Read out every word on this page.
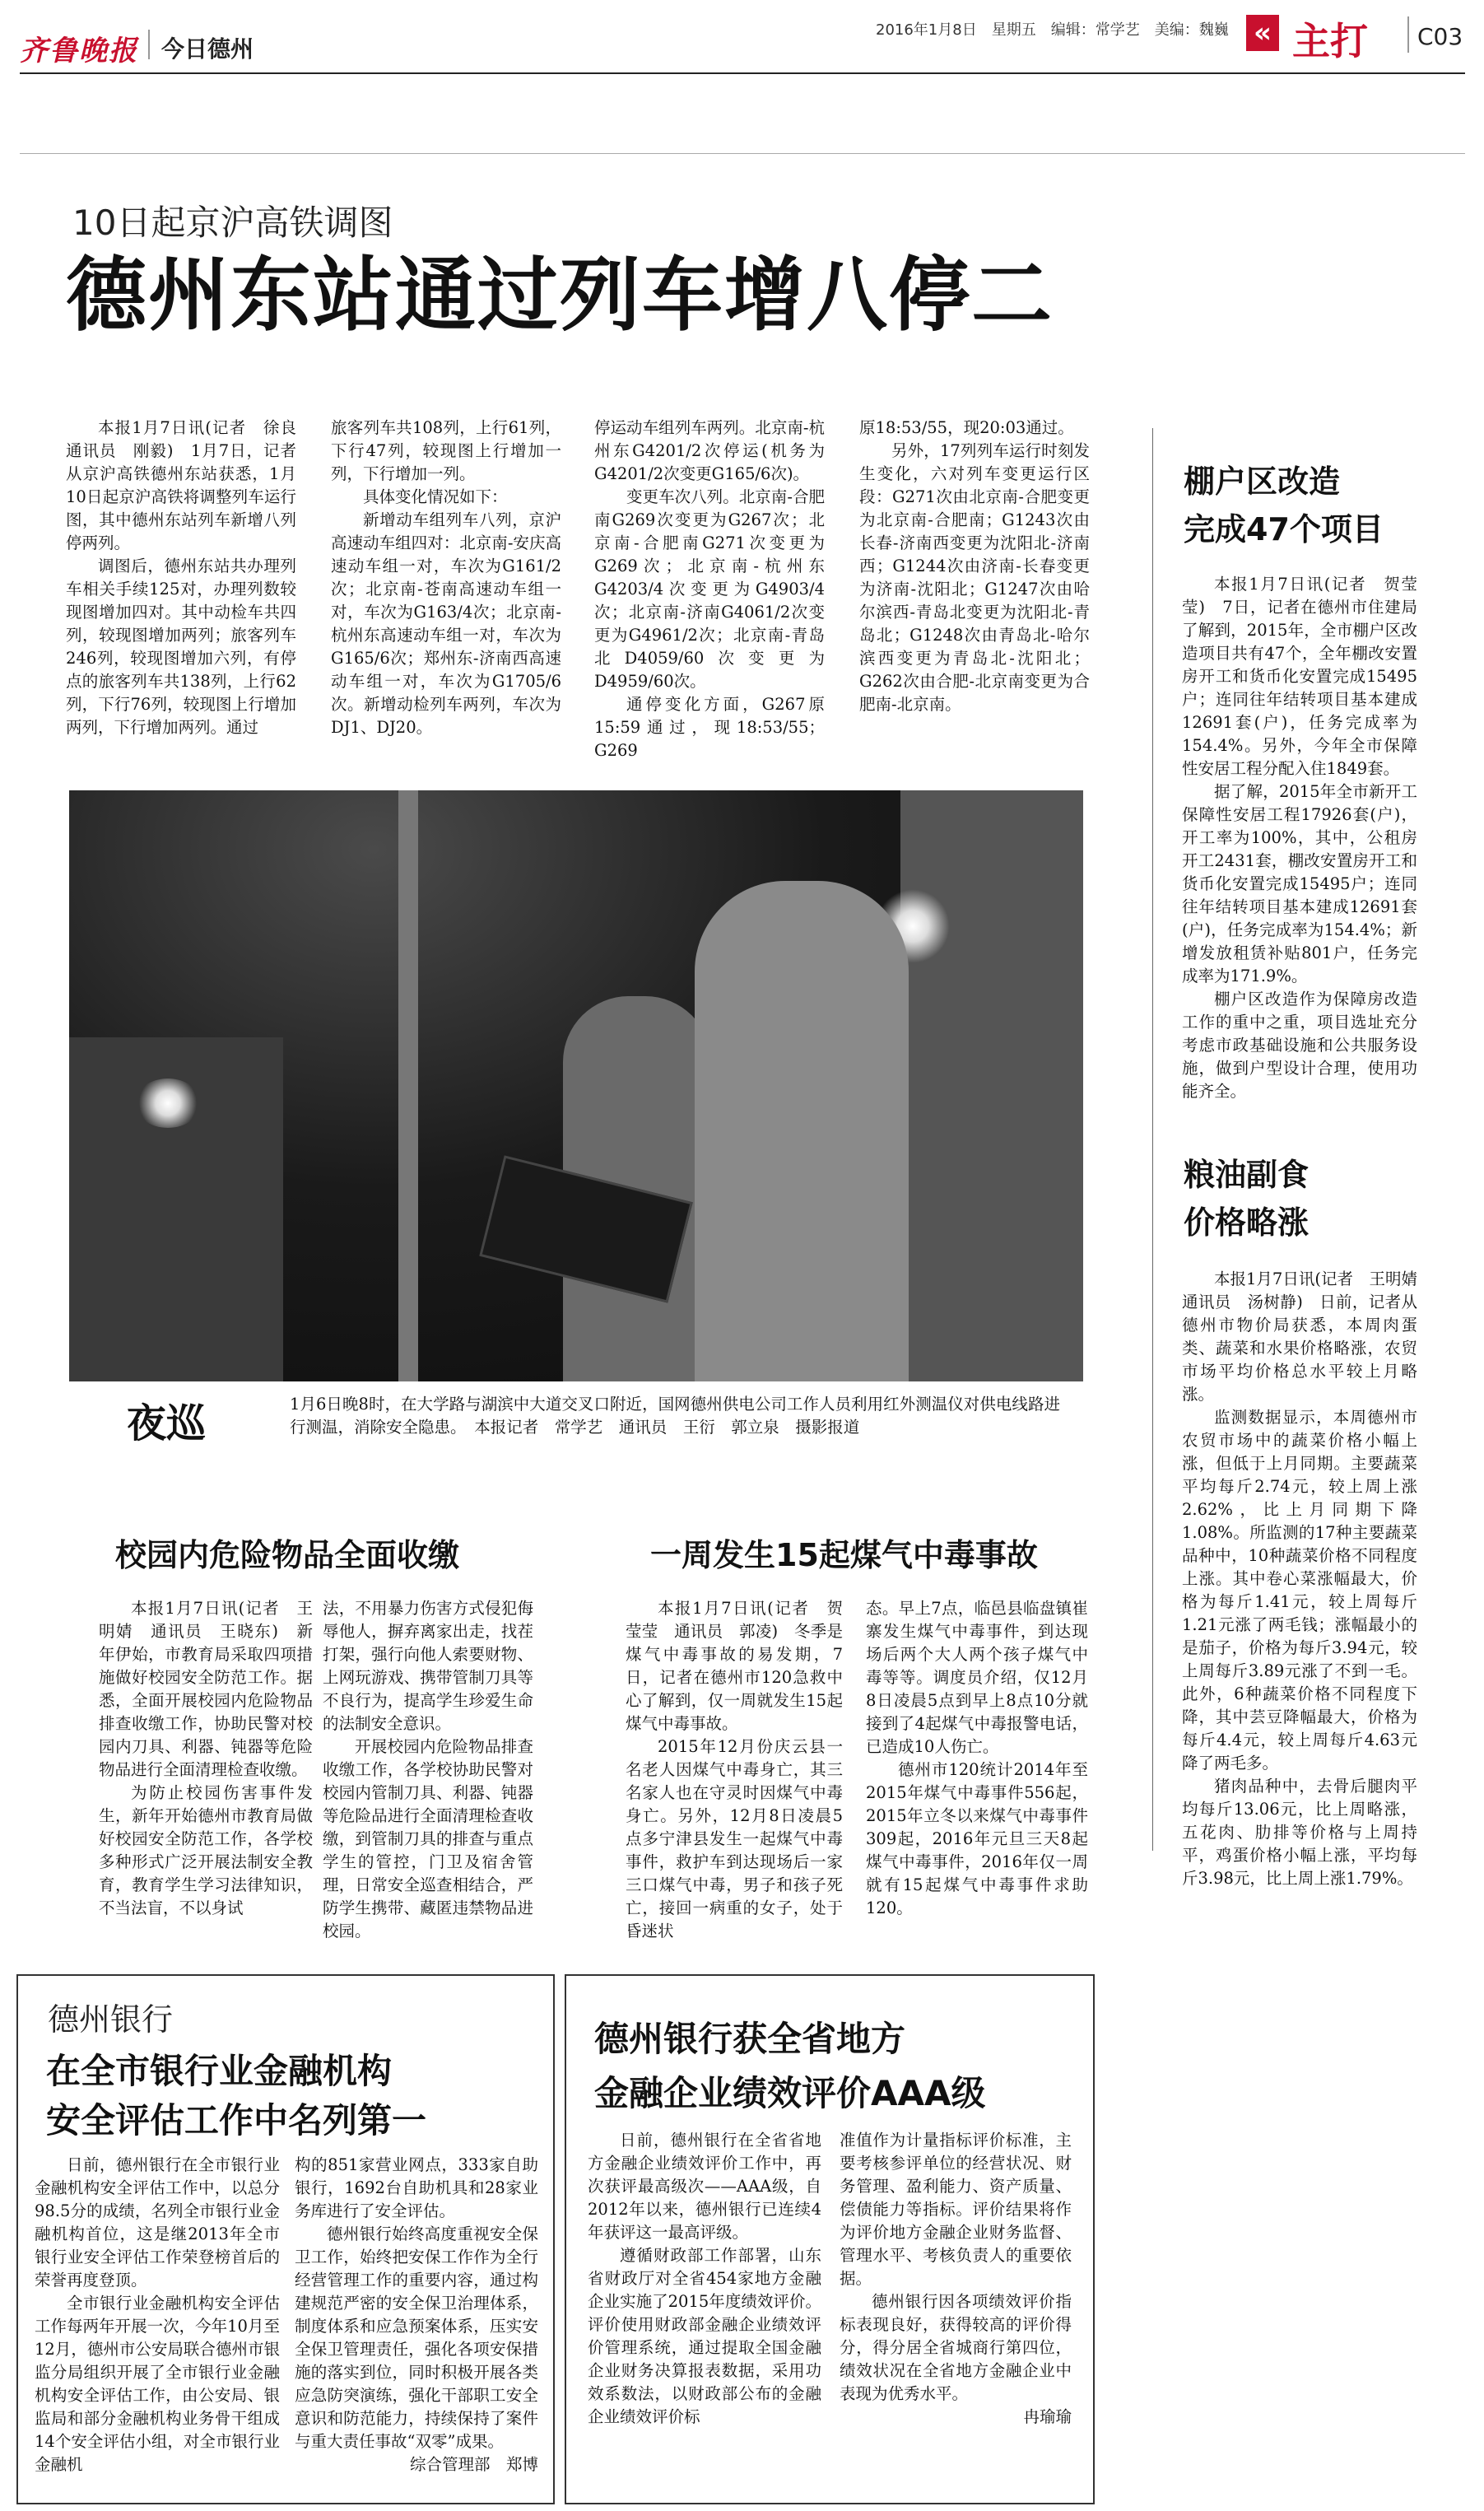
齐鲁晚报 今日德州
2016年1月8日　星期五　编辑：常学艺　美编：魏巍 « 主打 C03
10日起京沪高铁调图
德州东站通过列车增八停二

本报1月7日讯(记者　徐良　通讯员　刚毅)　1月7日，记者从京沪高铁德州东站获悉，1月10日起京沪高铁将调整列车运行图，其中德州东站列车新增八列停两列。

调图后，德州东站共办理列车相关手续125对，办理列数较现图增加四对。其中动检车共四列，较现图增加两列；旅客列车246列，较现图增加六列，有停点的旅客列车共138列，上行62列，下行76列，较现图上行增加两列，下行增加两列。通过

旅客列车共108列，上行61列，下行47列，较现图上行增加一列，下行增加一列。

具体变化情况如下：

新增动车组列车八列，京沪高速动车组四对：北京南-安庆高速动车组一对，车次为G161/2次；北京南-苍南高速动车组一对，车次为G163/4次；北京南-杭州东高速动车组一对，车次为G165/6次；郑州东-济南西高速动车组一对，车次为G1705/6次。新增动检列车两列，车次为DJ1、DJ20。

停运动车组列车两列。北京南-杭州东G4201/2次停运(机务为G4201/2次变更G165/6次)。

变更车次八列。北京南-合肥南G269次变更为G267次；北京南-合肥南G271次变更为G269次；北京南-杭州东G4203/4次变更为G4903/4次；北京南-济南G4061/2次变更为G4961/2次；北京南-青岛北D4059/60次变更为D4959/60次。

通停变化方面，G267原15:59通过，现18:53/55；G269

原18:53/55，现20:03通过。

另外，17列列车运行时刻发生变化，六对列车变更运行区段：G271次由北京南-合肥变更为北京南-合肥南；G1243次由长春-济南西变更为沈阳北-济南西；G1244次由济南-长春变更为济南-沈阳北；G1247次由哈尔滨西-青岛北变更为沈阳北-青岛北；G1248次由青岛北-哈尔滨西变更为青岛北-沈阳北；G262次由合肥-北京南变更为合肥南-北京南。

夜巡	1月6日晚8时，在大学路与湖滨中大道交叉口附近，国网德州供电公司工作人员利用红外测温仪对供电线路进行测温，消除安全隐患。　本报记者　常学艺　通讯员　王衍　郭立泉　摄影报道
棚户区改造
完成47个项目

本报1月7日讯(记者　贺莹莹)　7日，记者在德州市住建局了解到，2015年，全市棚户区改造项目共有47个，全年棚改安置房开工和货币化安置完成15495户；连同往年结转项目基本建成12691套(户)，任务完成率为154.4%。另外，今年全市保障性安居工程分配入住1849套。

据了解，2015年全市新开工保障性安居工程17926套(户)，开工率为100%，其中，公租房开工2431套，棚改安置房开工和货币化安置完成15495户；连同往年结转项目基本建成12691套(户)，任务完成率为154.4%；新增发放租赁补贴801户，任务完成率为171.9%。

棚户区改造作为保障房改造工作的重中之重，项目选址充分考虑市政基础设施和公共服务设施，做到户型设计合理，使用功能齐全。

粮油副食
价格略涨

本报1月7日讯(记者　王明婧　通讯员　汤树静)　日前，记者从德州市物价局获悉，本周肉蛋类、蔬菜和水果价格略涨，农贸市场平均价格总水平较上月略涨。

监测数据显示，本周德州市农贸市场中的蔬菜价格小幅上涨，但低于上月同期。主要蔬菜平均每斤2.74元，较上周上涨2.62%，比上月同期下降1.08%。所监测的17种主要蔬菜品种中，10种蔬菜价格不同程度上涨。其中卷心菜涨幅最大，价格为每斤1.41元，较上周每斤1.21元涨了两毛钱；涨幅最小的是茄子，价格为每斤3.94元，较上周每斤3.89元涨了不到一毛。此外，6种蔬菜价格不同程度下降，其中芸豆降幅最大，价格为每斤4.4元，较上周每斤4.63元降了两毛多。

猪肉品种中，去骨后腿肉平均每斤13.06元，比上周略涨，五花肉、肋排等价格与上周持平，鸡蛋价格小幅上涨，平均每斤3.98元，比上周上涨1.79%。

校园内危险物品全面收缴

本报1月7日讯(记者　王明婧　通讯员　王晓东)　新年伊始，市教育局采取四项措施做好校园安全防范工作。据悉，全面开展校园内危险物品排查收缴工作，协助民警对校园内刀具、利器、钝器等危险物品进行全面清理检查收缴。

为防止校园伤害事件发生，新年开始德州市教育局做好校园安全防范工作，各学校多种形式广泛开展法制安全教育，教育学生学习法律知识，不当法盲，不以身试

法，不用暴力伤害方式侵犯侮辱他人，摒弃离家出走，找茬打架，强行向他人索要财物、上网玩游戏、携带管制刀具等不良行为，提高学生珍爱生命的法制安全意识。

开展校园内危险物品排查收缴工作，各学校协助民警对校园内管制刀具、利器、钝器等危险品进行全面清理检查收缴，到管制刀具的排查与重点学生的管控，门卫及宿舍管理，日常安全巡查相结合，严防学生携带、藏匿违禁物品进校园。

一周发生15起煤气中毒事故

本报1月7日讯(记者　贺莹莹　通讯员　郭凌)　冬季是煤气中毒事故的易发期，7日，记者在德州市120急救中心了解到，仅一周就发生15起煤气中毒事故。

2015年12月份庆云县一名老人因煤气中毒身亡，其三名家人也在守灵时因煤气中毒身亡。另外，12月8日凌晨5点多宁津县发生一起煤气中毒事件，救护车到达现场后一家三口煤气中毒，男子和孩子死亡，接回一病重的女子，处于昏迷状

态。早上7点，临邑县临盘镇崔寨发生煤气中毒事件，到达现场后两个大人两个孩子煤气中毒等等。调度员介绍，仅12月8日凌晨5点到早上8点10分就接到了4起煤气中毒报警电话，已造成10人伤亡。

德州市120统计2014年至2015年煤气中毒事件556起，2015年立冬以来煤气中毒事件309起，2016年元旦三天8起煤气中毒事件，2016年仅一周就有15起煤气中毒事件求助120。

德州银行
在全市银行业金融机构
安全评估工作中名列第一

日前，德州银行在全市银行业金融机构安全评估工作中，以总分98.5分的成绩，名列全市银行业金融机构首位，这是继2013年全市银行业安全评估工作荣登榜首后的荣誉再度登顶。

全市银行业金融机构安全评估工作每两年开展一次，今年10月至12月，德州市公安局联合德州市银监分局组织开展了全市银行业金融机构安全评估工作，由公安局、银监局和部分金融机构业务骨干组成14个安全评估小组，对全市银行业金融机

构的851家营业网点，333家自助银行，1692台自助机具和28家业务库进行了安全评估。

德州银行始终高度重视安全保卫工作，始终把安保工作作为全行经营管理工作的重要内容，通过构建规范严密的安全保卫治理体系，制度体系和应急预案体系，压实安全保卫管理责任，强化各项安保措施的落实到位，同时积极开展各类应急防突演练，强化干部职工安全意识和防范能力，持续保持了案件与重大责任事故“双零”成果。

综合管理部　郑博

德州银行获全省地方
金融企业绩效评价AAA级

日前，德州银行在全省省地方金融企业绩效评价工作中，再次获评最高级次——AAA级，自2012年以来，德州银行已连续4年获评这一最高评级。

遵循财政部工作部署，山东省财政厅对全省454家地方金融企业实施了2015年度绩效评价。评价使用财政部金融企业绩效评价管理系统，通过提取全国金融企业财务决算报表数据，采用功效系数法，以财政部公布的金融企业绩效评价标

准值作为计量指标评价标准，主要考核参评单位的经营状况、财务管理、盈利能力、资产质量、偿债能力等指标。评价结果将作为评价地方金融企业财务监督、管理水平、考核负责人的重要依据。

德州银行因各项绩效评价指标表现良好，获得较高的评价得分，得分居全省城商行第四位，绩效状况在全省地方金融企业中表现为优秀水平。

冉瑜瑜
